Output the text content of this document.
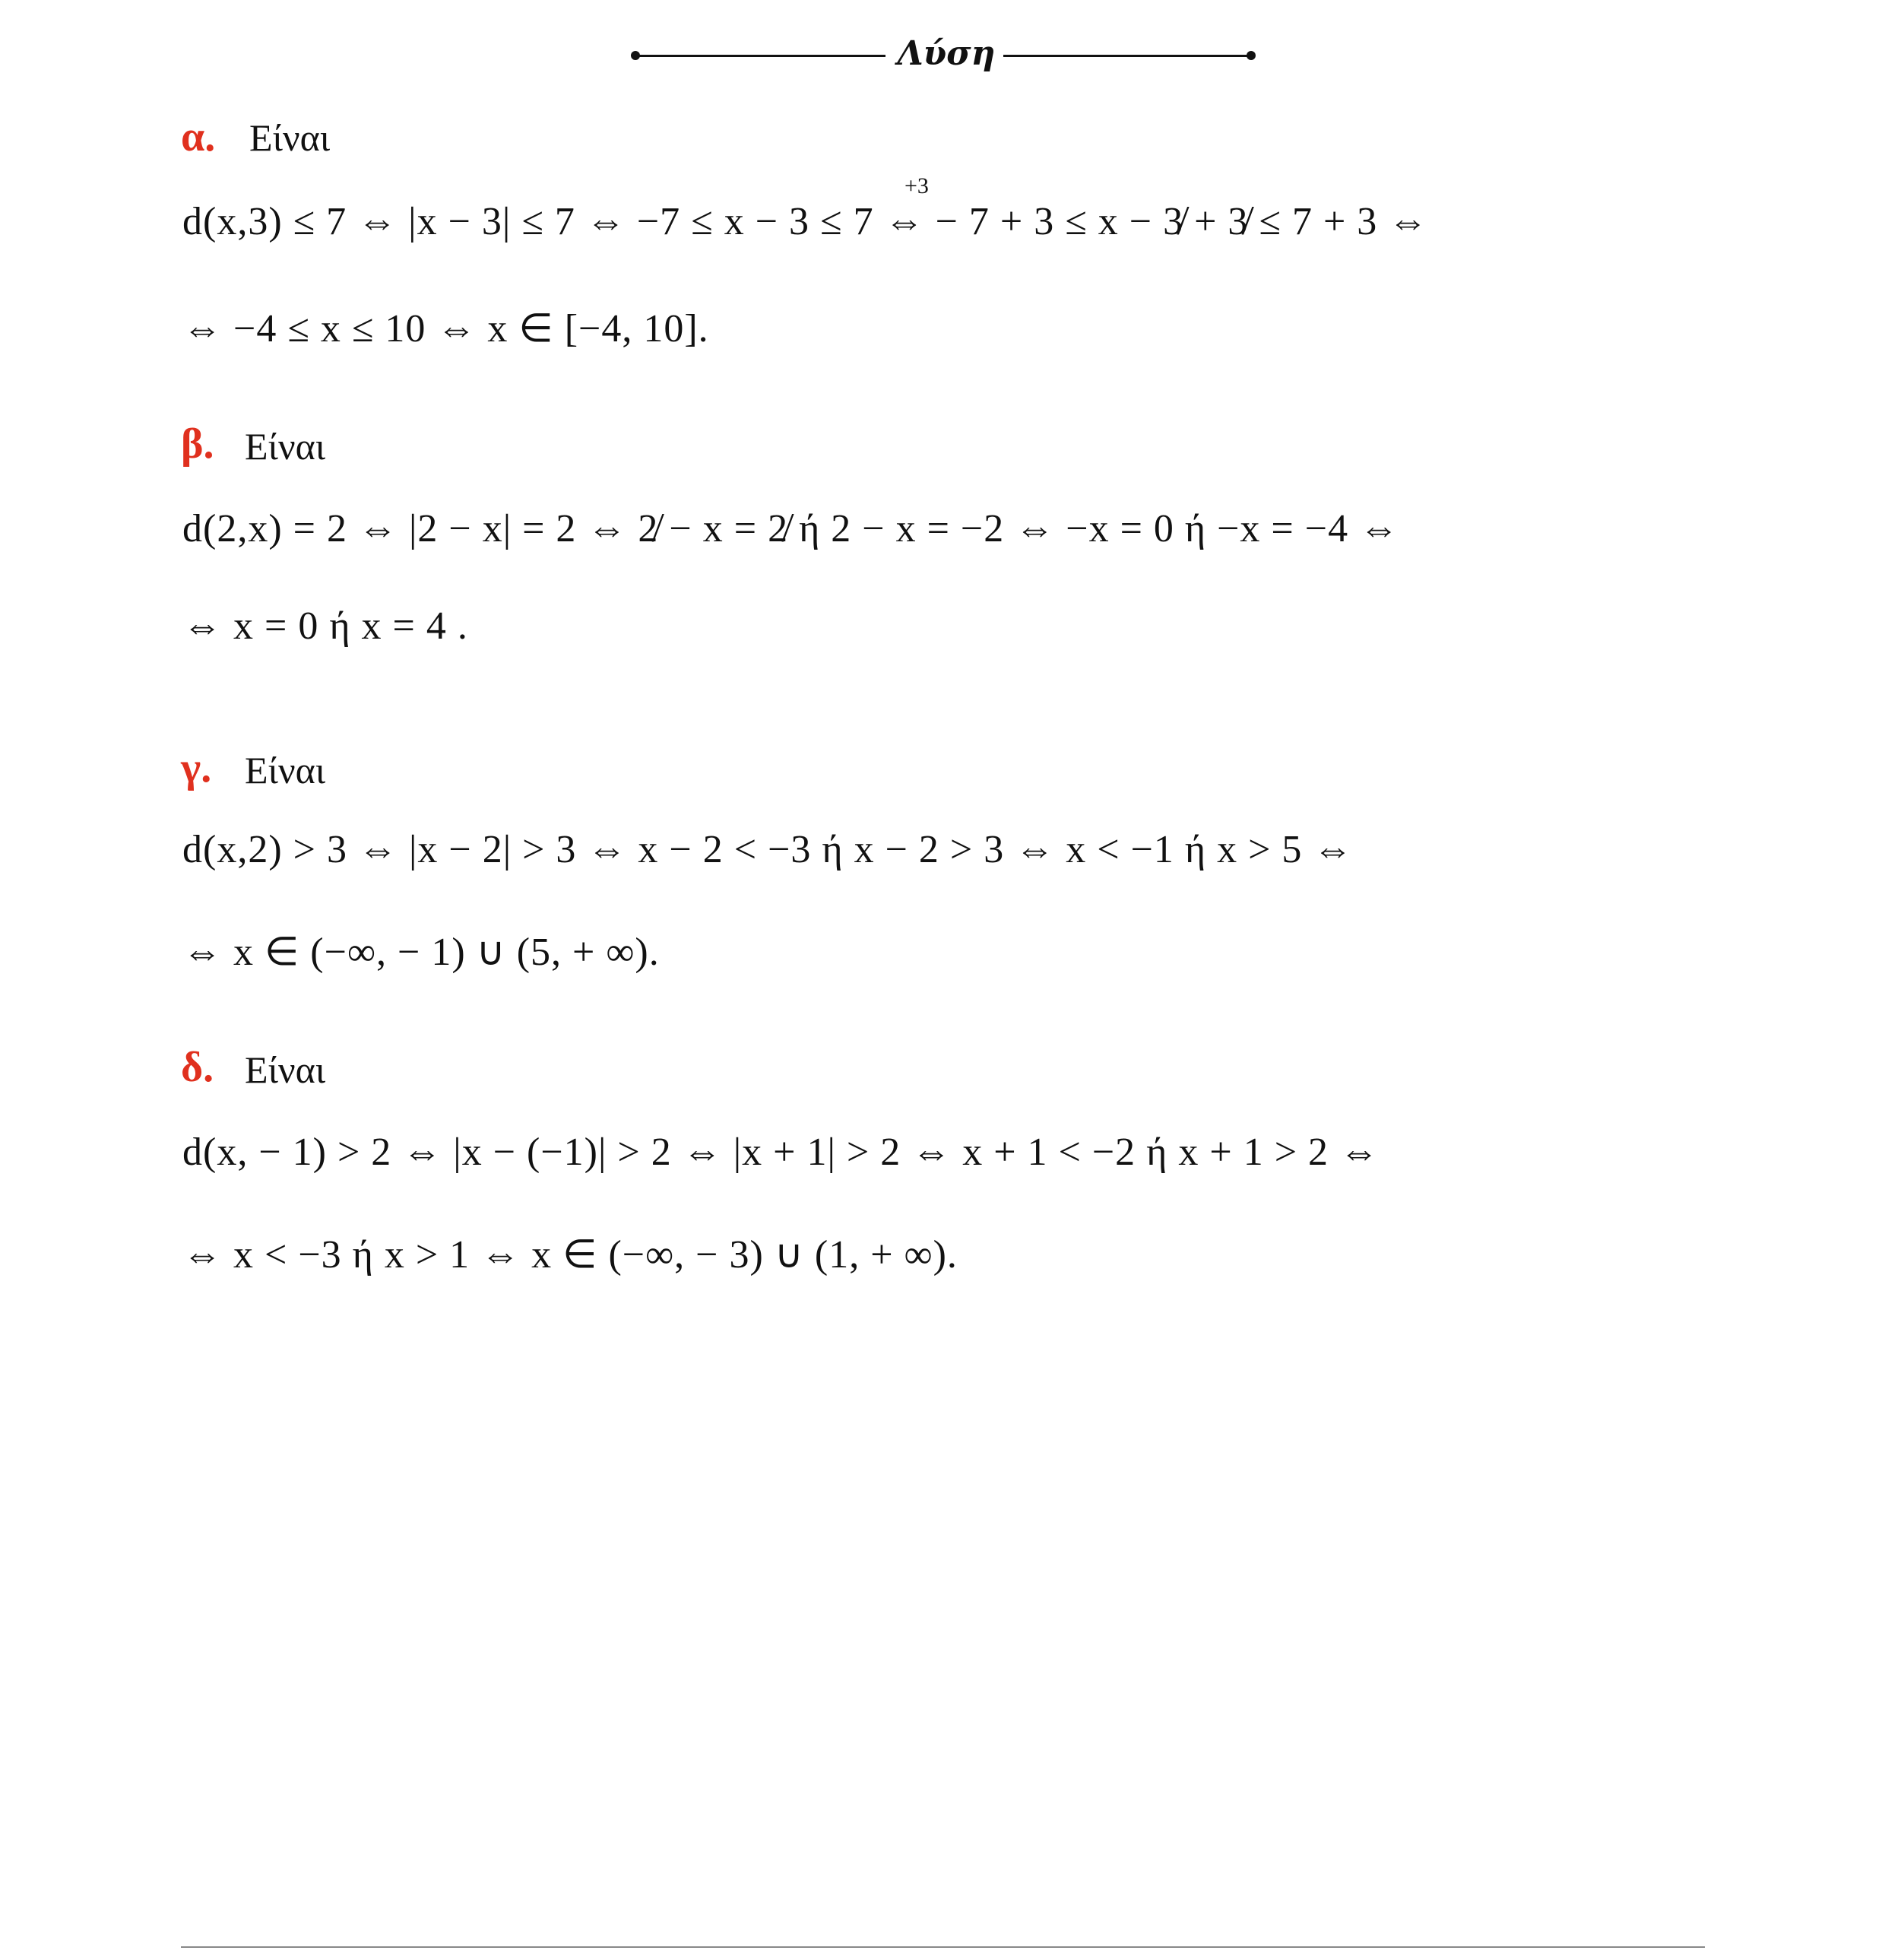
Λύση
α. Είναι
+3
d(x,3) ≤ 7 ⇔ |x − 3| ≤ 7 ⇔ −7 ≤ x − 3 ≤ 7 ⇔ − 7 + 3 ≤ x − 3̸ + 3̸ ≤ 7 + 3 ⇔
⇔ −4 ≤ x ≤ 10 ⇔ x ∈ [−4, 10].
β. Είναι
d(2,x) = 2 ⇔ |2 − x| = 2 ⇔ 2̸ − x = 2̸ ή 2 − x = −2 ⇔ −x = 0 ή −x = −4 ⇔
⇔ x = 0 ή x = 4 .
γ. Είναι
d(x,2) > 3 ⇔ |x − 2| > 3 ⇔ x − 2 < −3 ή x − 2 > 3 ⇔ x < −1 ή x > 5 ⇔
⇔ x ∈ (−∞, − 1) ∪ (5, + ∞).
δ. Είναι
d(x, − 1) > 2 ⇔ |x − (−1)| > 2 ⇔ |x + 1| > 2 ⇔ x + 1 < −2 ή x + 1 > 2 ⇔
⇔ x < −3 ή x > 1 ⇔ x ∈ (−∞, − 3) ∪ (1, + ∞).
